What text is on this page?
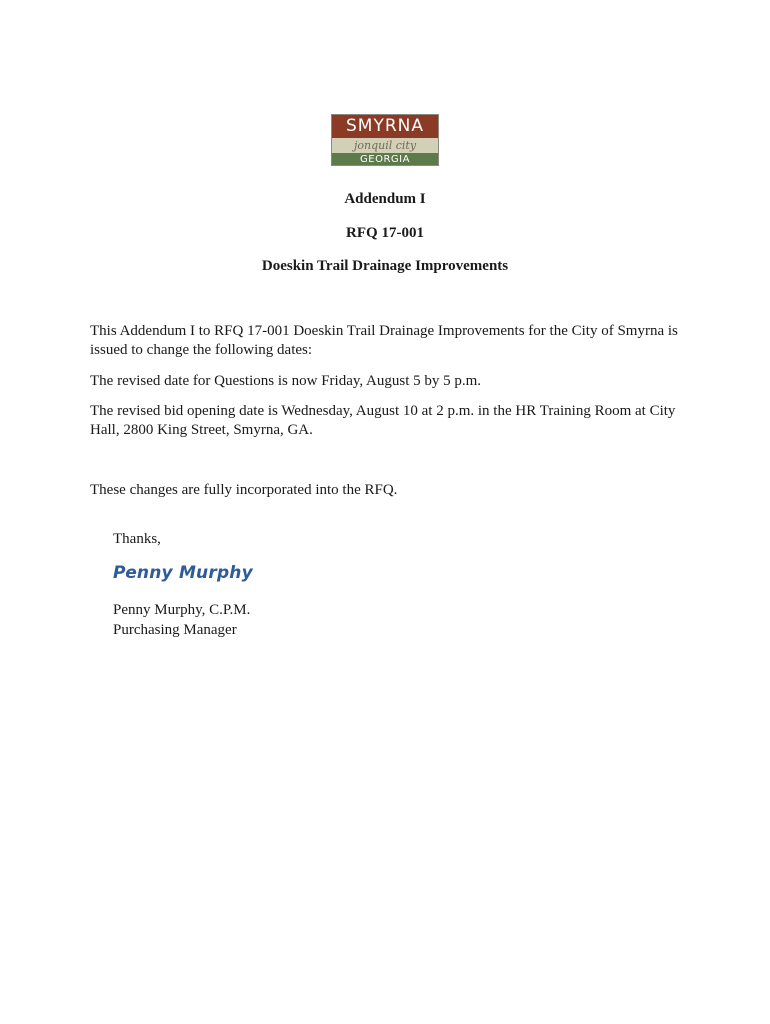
SMYRNA
jonquil city
GEORGIA
Addendum I
RFQ 17-001
Doeskin Trail Drainage Improvements
This Addendum I to RFQ 17-001 Doeskin Trail Drainage Improvements for the City of Smyrna is issued to change the following dates:
The revised date for Questions is now Friday, August 5 by 5 p.m.
The revised bid opening date is Wednesday, August 10 at 2 p.m. in the HR Training Room at City Hall, 2800 King Street, Smyrna, GA.
These changes are fully incorporated into the RFQ.
Thanks,
Penny Murphy
Penny Murphy, C.P.M.
Purchasing Manager
